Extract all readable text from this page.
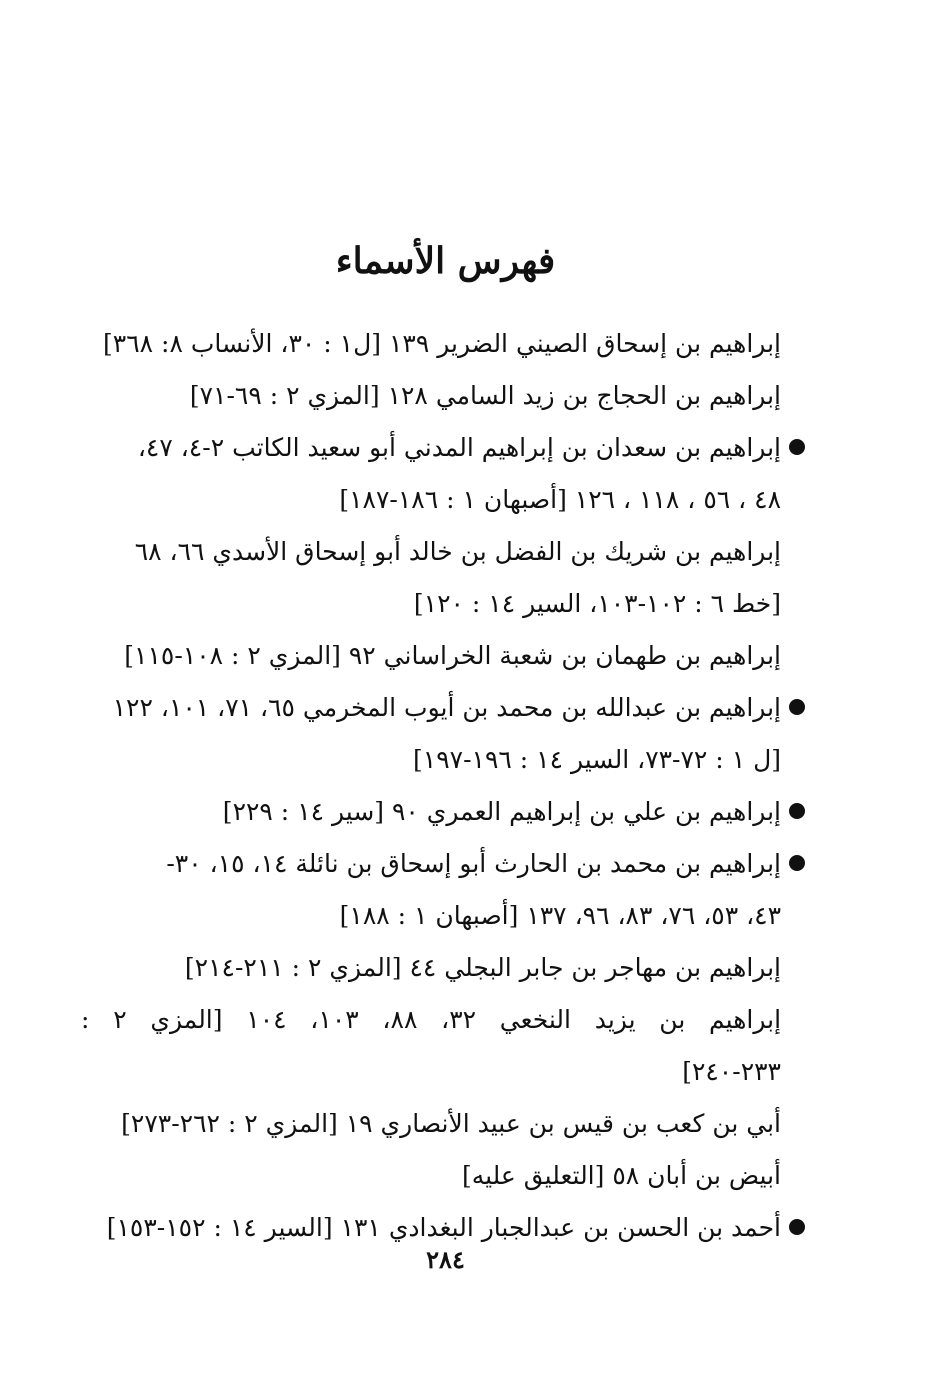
فهرس الأسماء
إبراهيم بن إسحاق الصيني الضرير ١٣٩ [ل١ : ٣٠، الأنساب ٨: ٣٦٨]
إبراهيم بن الحجاج بن زيد السامي ١٢٨ [المزي ٢ : ٦٩-٧١]
إبراهيم بن سعدان بن إبراهيم المدني أبو سعيد الكاتب ٢-٤، ٤٧،
٤٨ ، ٥٦ ، ١١٨ ، ١٢٦ [أصبهان ١ : ١٨٦-١٨٧]
إبراهيم بن شريك بن الفضل بن خالد أبو إسحاق الأسدي ٦٦، ٦٨
[خط ٦ : ١٠٢-١٠٣، السير ١٤ : ١٢٠]
إبراهيم بن طهمان بن شعبة الخراساني ٩٢ [المزي ٢ : ١٠٨-١١٥]
إبراهيم بن عبدالله بن محمد بن أيوب المخرمي ٦٥، ٧١، ١٠١، ١٢٢
[ل ١ : ٧٢-٧٣، السير ١٤ : ١٩٦-١٩٧]
إبراهيم بن علي بن إبراهيم العمري ٩٠ [سير ١٤ : ٢٢٩]
إبراهيم بن محمد بن الحارث أبو إسحاق بن نائلة ١٤، ١٥، ٣٠-
٤٣، ٥٣، ٧٦، ٨٣، ٩٦، ١٣٧ [أصبهان ١ : ١٨٨]
إبراهيم بن مهاجر بن جابر البجلي ٤٤ [المزي ٢ : ٢١١-٢١٤]
إبراهيم بن يزيد النخعي ٣٢، ٨٨، ١٠٣، ١٠٤ [المزي ٢ :
٢٣٣-٢٤٠]
أبي بن كعب بن قيس بن عبيد الأنصاري ١٩ [المزي ٢ : ٢٦٢-٢٧٣]
أبيض بن أبان ٥٨ [التعليق عليه]
أحمد بن الحسن بن عبدالجبار البغدادي ١٣١ [السير ١٤ : ١٥٢-١٥٣]
٢٨٤
